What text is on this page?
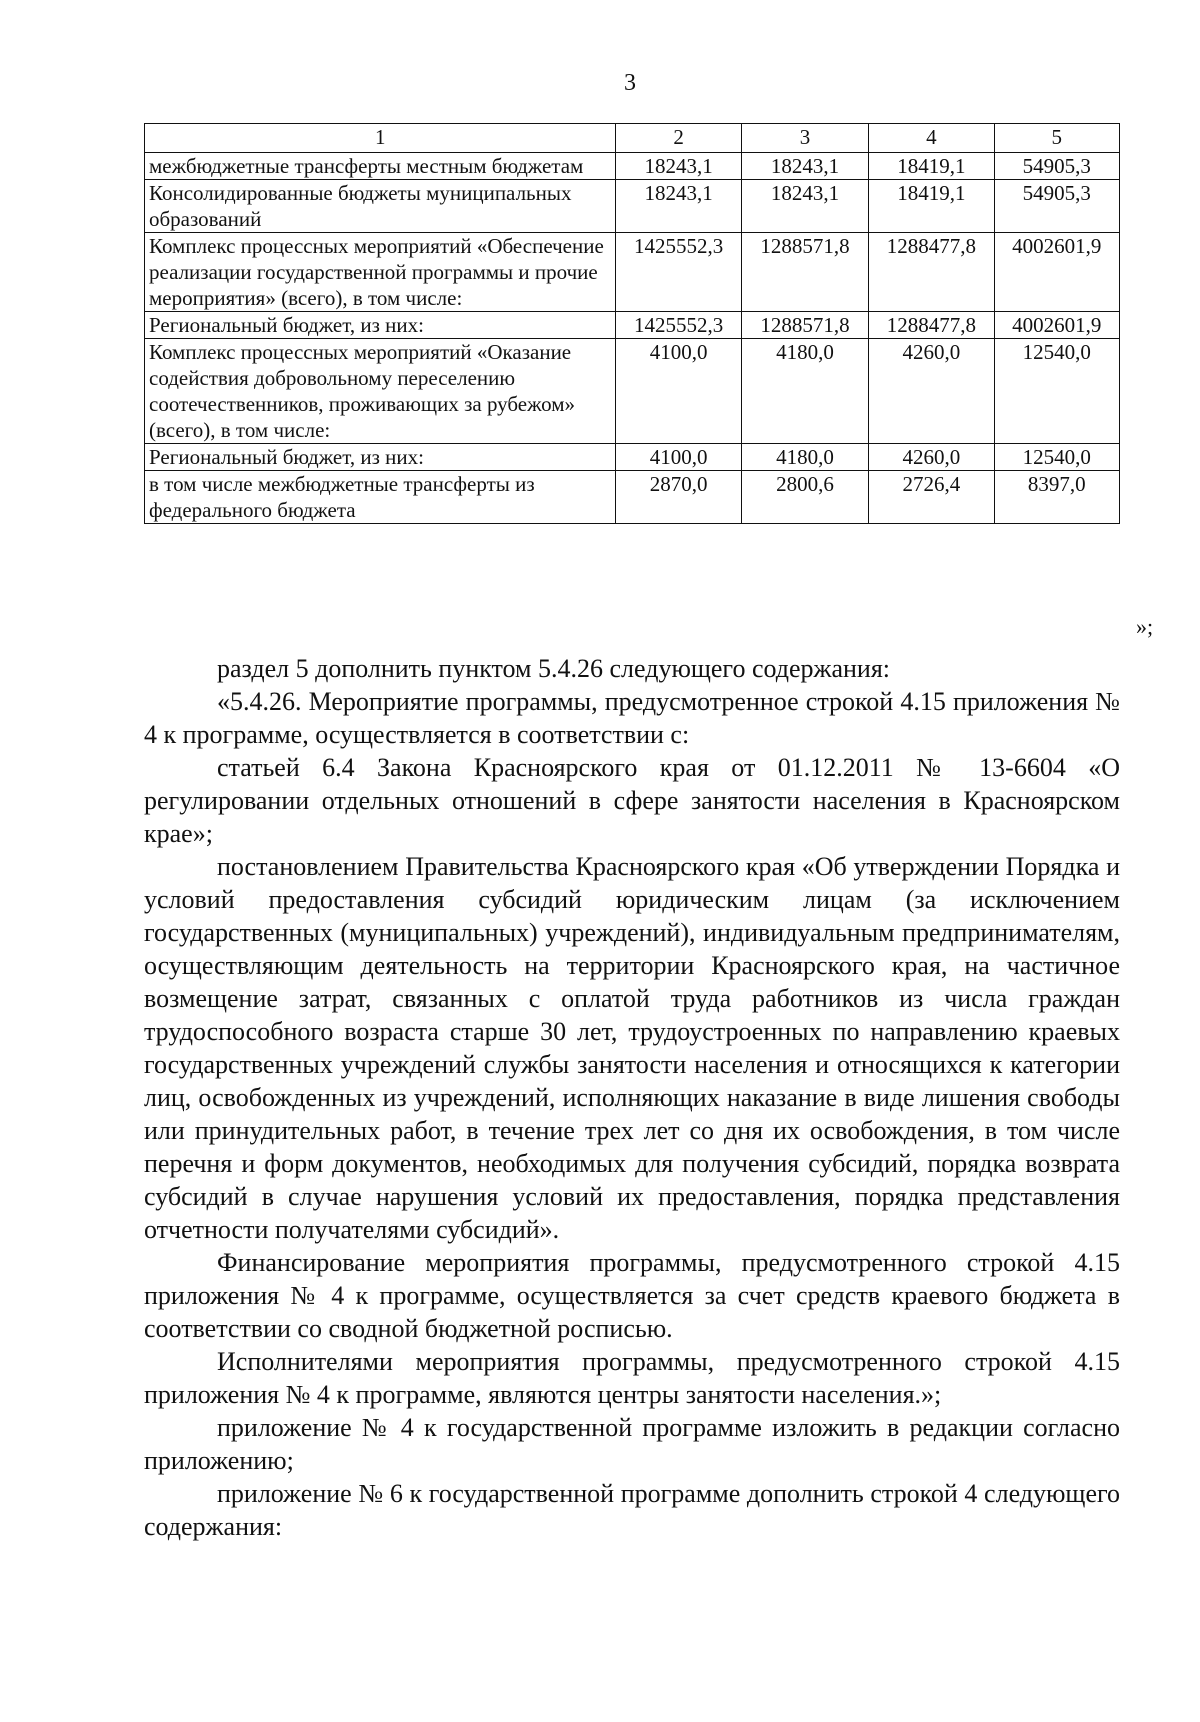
3
1	2	3	4	5
межбюджетные трансферты местным бюджетам	18243,1	18243,1	18419,1	54905,3
Консолидированные бюджеты муниципальных образований	18243,1	18243,1	18419,1	54905,3
Комплекс процессных мероприятий «Обеспечение реализации государственной программы и прочие мероприятия» (всего), в том числе:	1425552,3	1288571,8	1288477,8	4002601,9
Региональный бюджет, из них:	1425552,3	1288571,8	1288477,8	4002601,9
Комплекс процессных мероприятий «Оказание содействия добровольному переселению соотечественников, проживающих за рубежом» (всего), в том числе:	4100,0	4180,0	4260,0	12540,0
Региональный бюджет, из них:	4100,0	4180,0	4260,0	12540,0
в том числе межбюджетные трансферты из федерального бюджета	2870,0	2800,6	2726,4	8397,0
»;

раздел 5 дополнить пунктом 5.4.26 следующего содержания:

«5.4.26. Мероприятие программы, предусмотренное строкой 4.15 приложения № 4 к программе, осуществляется в соответствии с:

статьей 6.4 Закона Красноярского края от 01.12.2011 № 13-6604 «О регулировании отдельных отношений в сфере занятости населения в Красноярском крае»;

постановлением Правительства Красноярского края «Об утверждении Порядка и условий предоставления субсидий юридическим лицам (за исключением государственных (муниципальных) учреждений), индивидуальным предпринимателям, осуществляющим деятельность на территории Красноярского края, на частичное возмещение затрат, связанных с оплатой труда работников из числа граждан трудоспособного возраста старше 30 лет, трудоустроенных по направлению краевых государственных учреждений службы занятости населения и относящихся к категории лиц, освобожденных из учреждений, исполняющих наказание в виде лишения свободы или принудительных работ, в течение трех лет со дня их освобождения, в том числе перечня и форм документов, необходимых для получения субсидий, порядка возврата субсидий в случае нарушения условий их предоставления, порядка представления отчетности получателями субсидий».

Финансирование мероприятия программы, предусмотренного строкой 4.15 приложения № 4 к программе, осуществляется за счет средств краевого бюджета в соответствии со сводной бюджетной росписью.

Исполнителями мероприятия программы, предусмотренного строкой 4.15 приложения № 4 к программе, являются центры занятости населения.»;

приложение № 4 к государственной программе изложить в редакции согласно приложению;

приложение № 6 к государственной программе дополнить строкой 4 следующего содержания:
